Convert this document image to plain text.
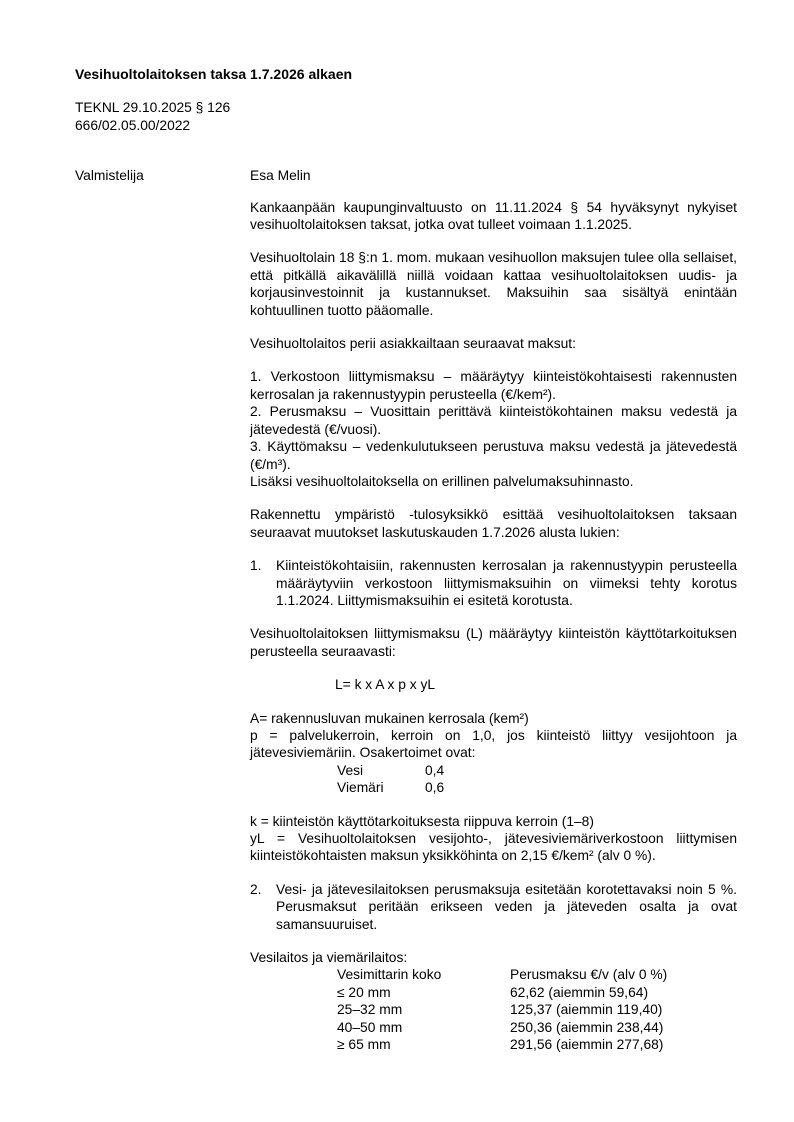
Vesihuoltolaitoksen taksa 1.7.2026 alkaen

TEKNL 29.10.2025 § 126

666/02.05.00/2022

Valmistelija	Esa Melin

Kankaanpään kaupunginvaltuusto on 11.11.2024 § 54 hyväksynyt nykyiset vesihuoltolaitoksen taksat, jotka ovat tulleet voimaan 1.1.2025.

Vesihuoltolain 18 §:n 1. mom. mukaan vesihuollon maksujen tulee olla sellaiset, että pitkällä aikavälillä niillä voidaan kattaa vesihuoltolaitoksen uudis- ja korjausinvestoinnit ja kustannukset. Maksuihin saa sisältyä enintään kohtuullinen tuotto pääomalle.

Vesihuoltolaitos perii asiakkailtaan seuraavat maksut:

1. Verkostoon liittymismaksu – määräytyy kiinteistökohtaisesti rakennusten kerrosalan ja rakennustyypin perusteella (€/kem²).

2. Perusmaksu – Vuosittain perittävä kiinteistökohtainen maksu vedestä ja jätevedestä (€/vuosi).

3. Käyttömaksu – vedenkulutukseen perustuva maksu vedestä ja jätevedestä (€/m³).

Lisäksi vesihuoltolaitoksella on erillinen palvelumaksuhinnasto.

Rakennettu ympäristö -tulosyksikkö esittää vesihuoltolaitoksen taksaan seuraavat muutokset laskutuskauden 1.7.2026 alusta lukien:

1.	Kiinteistökohtaisiin, rakennusten kerrosalan ja rakennustyypin perusteella määräytyviin verkostoon liittymismaksuihin on viimeksi tehty korotus 1.1.2024. Liittymismaksuihin ei esitetä korotusta.

Vesihuoltolaitoksen liittymismaksu (L) määräytyy kiinteistön käyttötarkoituksen perusteella seuraavasti:

L= k x A x p x yL

A= rakennusluvan mukainen kerrosala (kem²)

p = palvelukerroin, kerroin on 1,0, jos kiinteistö liittyy vesijohtoon ja jätevesiviemäriin. Osakertoimet ovat:

Vesi	0,4
Viemäri	0,6

k = kiinteistön käyttötarkoituksesta riippuva kerroin (1–8)

yL = Vesihuoltolaitoksen vesijohto-, jätevesiviemäriverkostoon liittymisen kiinteistökohtaisten maksun yksikköhinta on 2,15 €/kem² (alv 0 %).

2.	Vesi- ja jätevesilaitoksen perusmaksuja esitetään korotettavaksi noin 5 %. Perusmaksut peritään erikseen veden ja jäteveden osalta ja ovat samansuuruiset.

Vesilaitos ja viemärilaitos:

Vesimittarin koko	Perusmaksu €/v (alv 0 %)
≤ 20 mm	62,62 (aiemmin 59,64)
25–32 mm	125,37 (aiemmin 119,40)
40–50 mm	250,36 (aiemmin 238,44)
≥ 65 mm	291,56 (aiemmin 277,68)
